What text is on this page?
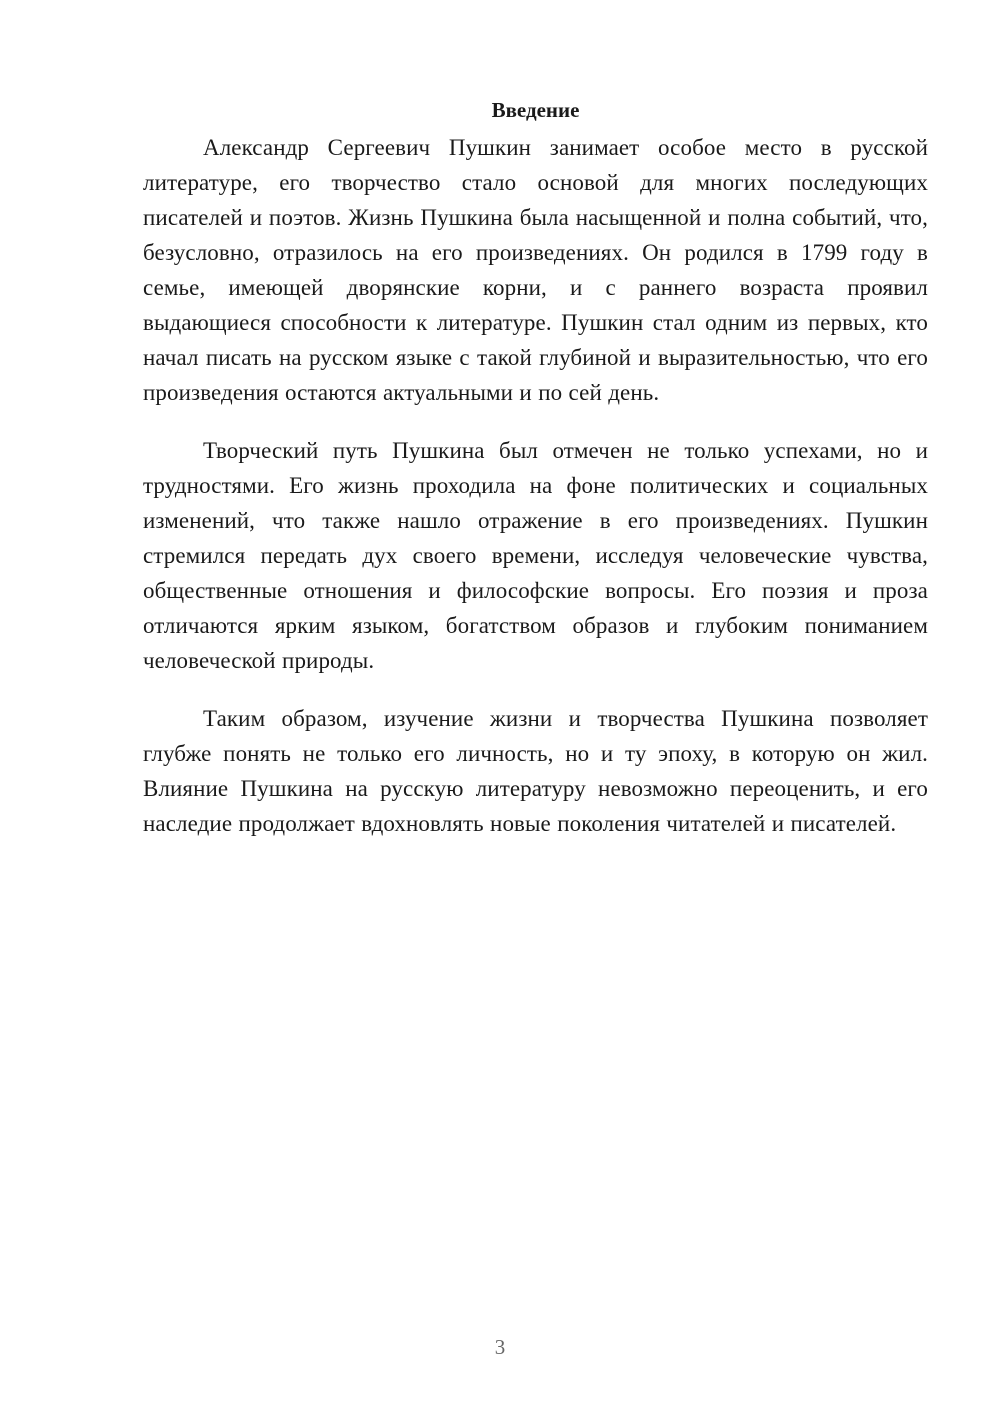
Введение

Александр Сергеевич Пушкин занимает особое место в русской литературе, его творчество стало основой для многих последующих писателей и поэтов. Жизнь Пушкина была насыщенной и полна событий, что, безусловно, отразилось на его произведениях. Он родился в 1799 году в семье, имеющей дворянские корни, и с раннего возраста проявил выдающиеся способности к литературе. Пушкин стал одним из первых, кто начал писать на русском языке с такой глубиной и выразительностью, что его произведения остаются актуальными и по сей день.

Творческий путь Пушкина был отмечен не только успехами, но и трудностями. Его жизнь проходила на фоне политических и социальных изменений, что также нашло отражение в его произведениях. Пушкин стремился передать дух своего времени, исследуя человеческие чувства, общественные отношения и философские вопросы. Его поэзия и проза отличаются ярким языком, богатством образов и глубоким пониманием человеческой природы.

Таким образом, изучение жизни и творчества Пушкина позволяет глубже понять не только его личность, но и ту эпоху, в которую он жил. Влияние Пушкина на русскую литературу невозможно переоценить, и его наследие продолжает вдохновлять новые поколения читателей и писателей.

3
